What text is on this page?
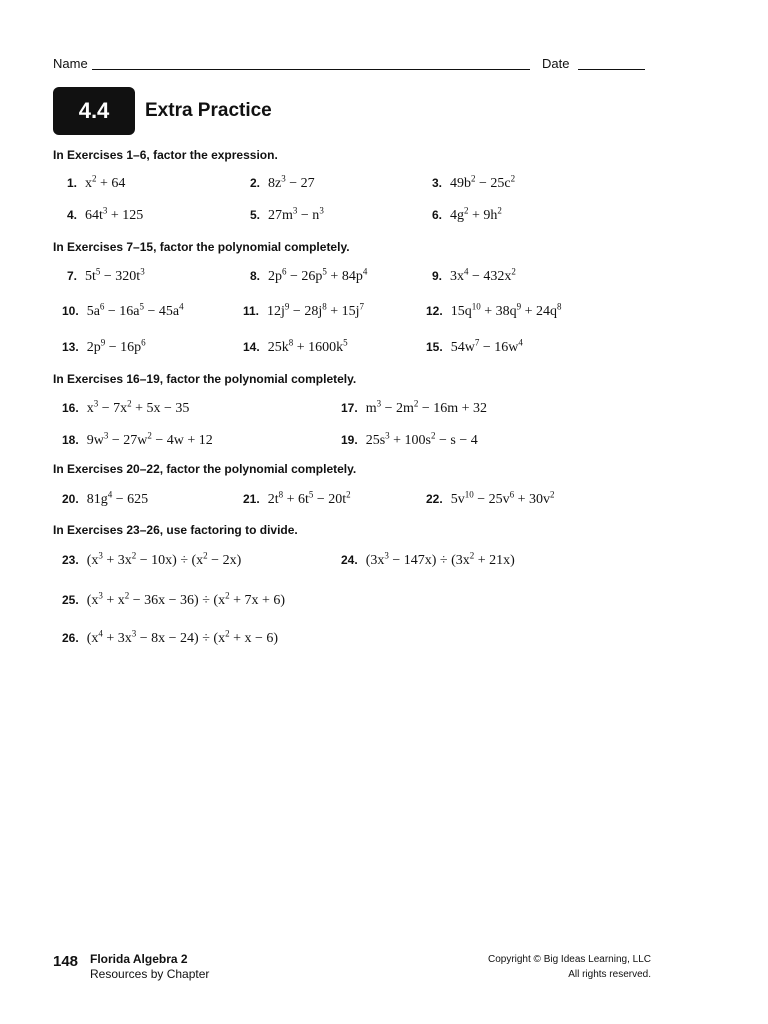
Name	Date
4.4	Extra Practice
In Exercises 1–6, factor the expression.
In Exercises 7–15, factor the polynomial completely.
In Exercises 16–19, factor the polynomial completely.
In Exercises 20–22, factor the polynomial completely.
In Exercises 23–26, use factoring to divide.
1. $x^2 + 64$	2. $8z^3 - 27$	3. $49b^2 - 25c^2$
4. $64t^3 + 125$	5. $27m^3 - n^3$	6. $4g^2 + 9h^2$
7. $5t^5 - 320t^3$	8. $2p^6 - 26p^5 + 84p^4$	9. $3x^4 - 432x^2$
10. $5a^6 - 16a^5 - 45a^4$	11. $12j^9 - 28j^8 + 15j^7$	12. $15q^{10} + 38q^9 + 24q^8$
13. $2p^9 - 16p^6$	14. $25k^8 + 1600k^5$	15. $54w^7 - 16w^4$
16. $x^3 - 7x^2 + 5x - 35$	17. $m^3 - 2m^2 - 16m + 32$
18. $9w^3 - 27w^2 - 4w + 12$	19. $25s^3 + 100s^2 - s - 4$
20. $81g^4 - 625$	21. $2t^8 + 6t^5 - 20t^2$	22. $5v^{10} - 25v^6 + 30v^2$
23. $(x^3 + 3x^2 - 10x) \div (x^2 - 2x)$	24. $(3x^3 - 147x) \div (3x^2 + 21x)$
25. $(x^3 + x^2 - 36x - 36) \div (x^2 + 7x + 6)$
26. $(x^4 + 3x^3 - 8x - 24) \div (x^2 + x - 6)$
148 Florida Algebra 2
Resources by Chapter
Copyright © Big Ideas Learning, LLC
All rights reserved.
